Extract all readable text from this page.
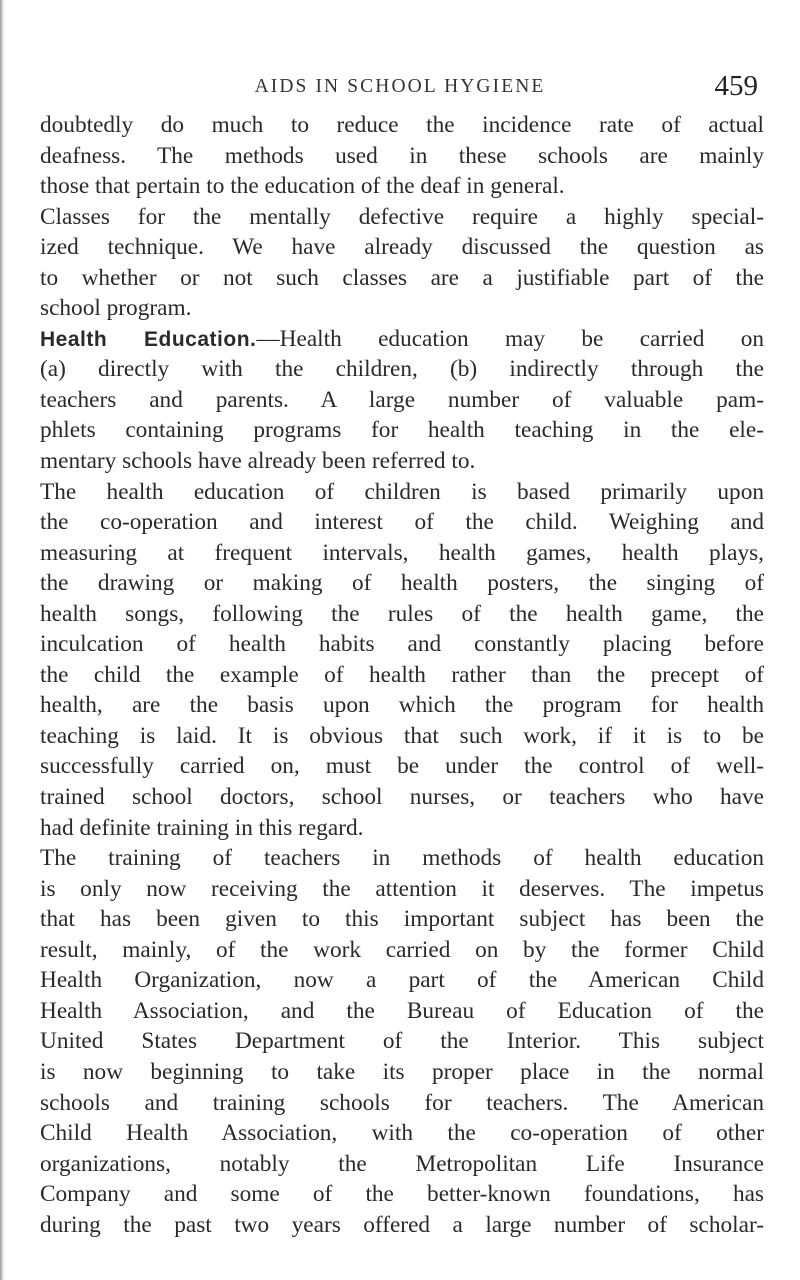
AIDS IN SCHOOL HYGIENE	459
doubtedly do much to reduce the incidence rate of actual
deafness. The methods used in these schools are mainly
those that pertain to the education of the deaf in general.
Classes for the mentally defective require a highly special-
ized technique. We have already discussed the question as
to whether or not such classes are a justifiable part of the
school program.
Health Education.—Health education may be carried on
(a) directly with the children, (b) indirectly through the
teachers and parents. A large number of valuable pam-
phlets containing programs for health teaching in the ele-
mentary schools have already been referred to.
The health education of children is based primarily upon
the co-operation and interest of the child. Weighing and
measuring at frequent intervals, health games, health plays,
the drawing or making of health posters, the singing of
health songs, following the rules of the health game, the
inculcation of health habits and constantly placing before
the child the example of health rather than the precept of
health, are the basis upon which the program for health
teaching is laid. It is obvious that such work, if it is to be
successfully carried on, must be under the control of well-
trained school doctors, school nurses, or teachers who have
had definite training in this regard.
The training of teachers in methods of health education
is only now receiving the attention it deserves. The impetus
that has been given to this important subject has been the
result, mainly, of the work carried on by the former Child
Health Organization, now a part of the American Child
Health Association, and the Bureau of Education of the
United States Department of the Interior. This subject
is now beginning to take its proper place in the normal
schools and training schools for teachers. The American
Child Health Association, with the co-operation of other
organizations, notably the Metropolitan Life Insurance
Company and some of the better-known foundations, has
during the past two years offered a large number of scholar-
